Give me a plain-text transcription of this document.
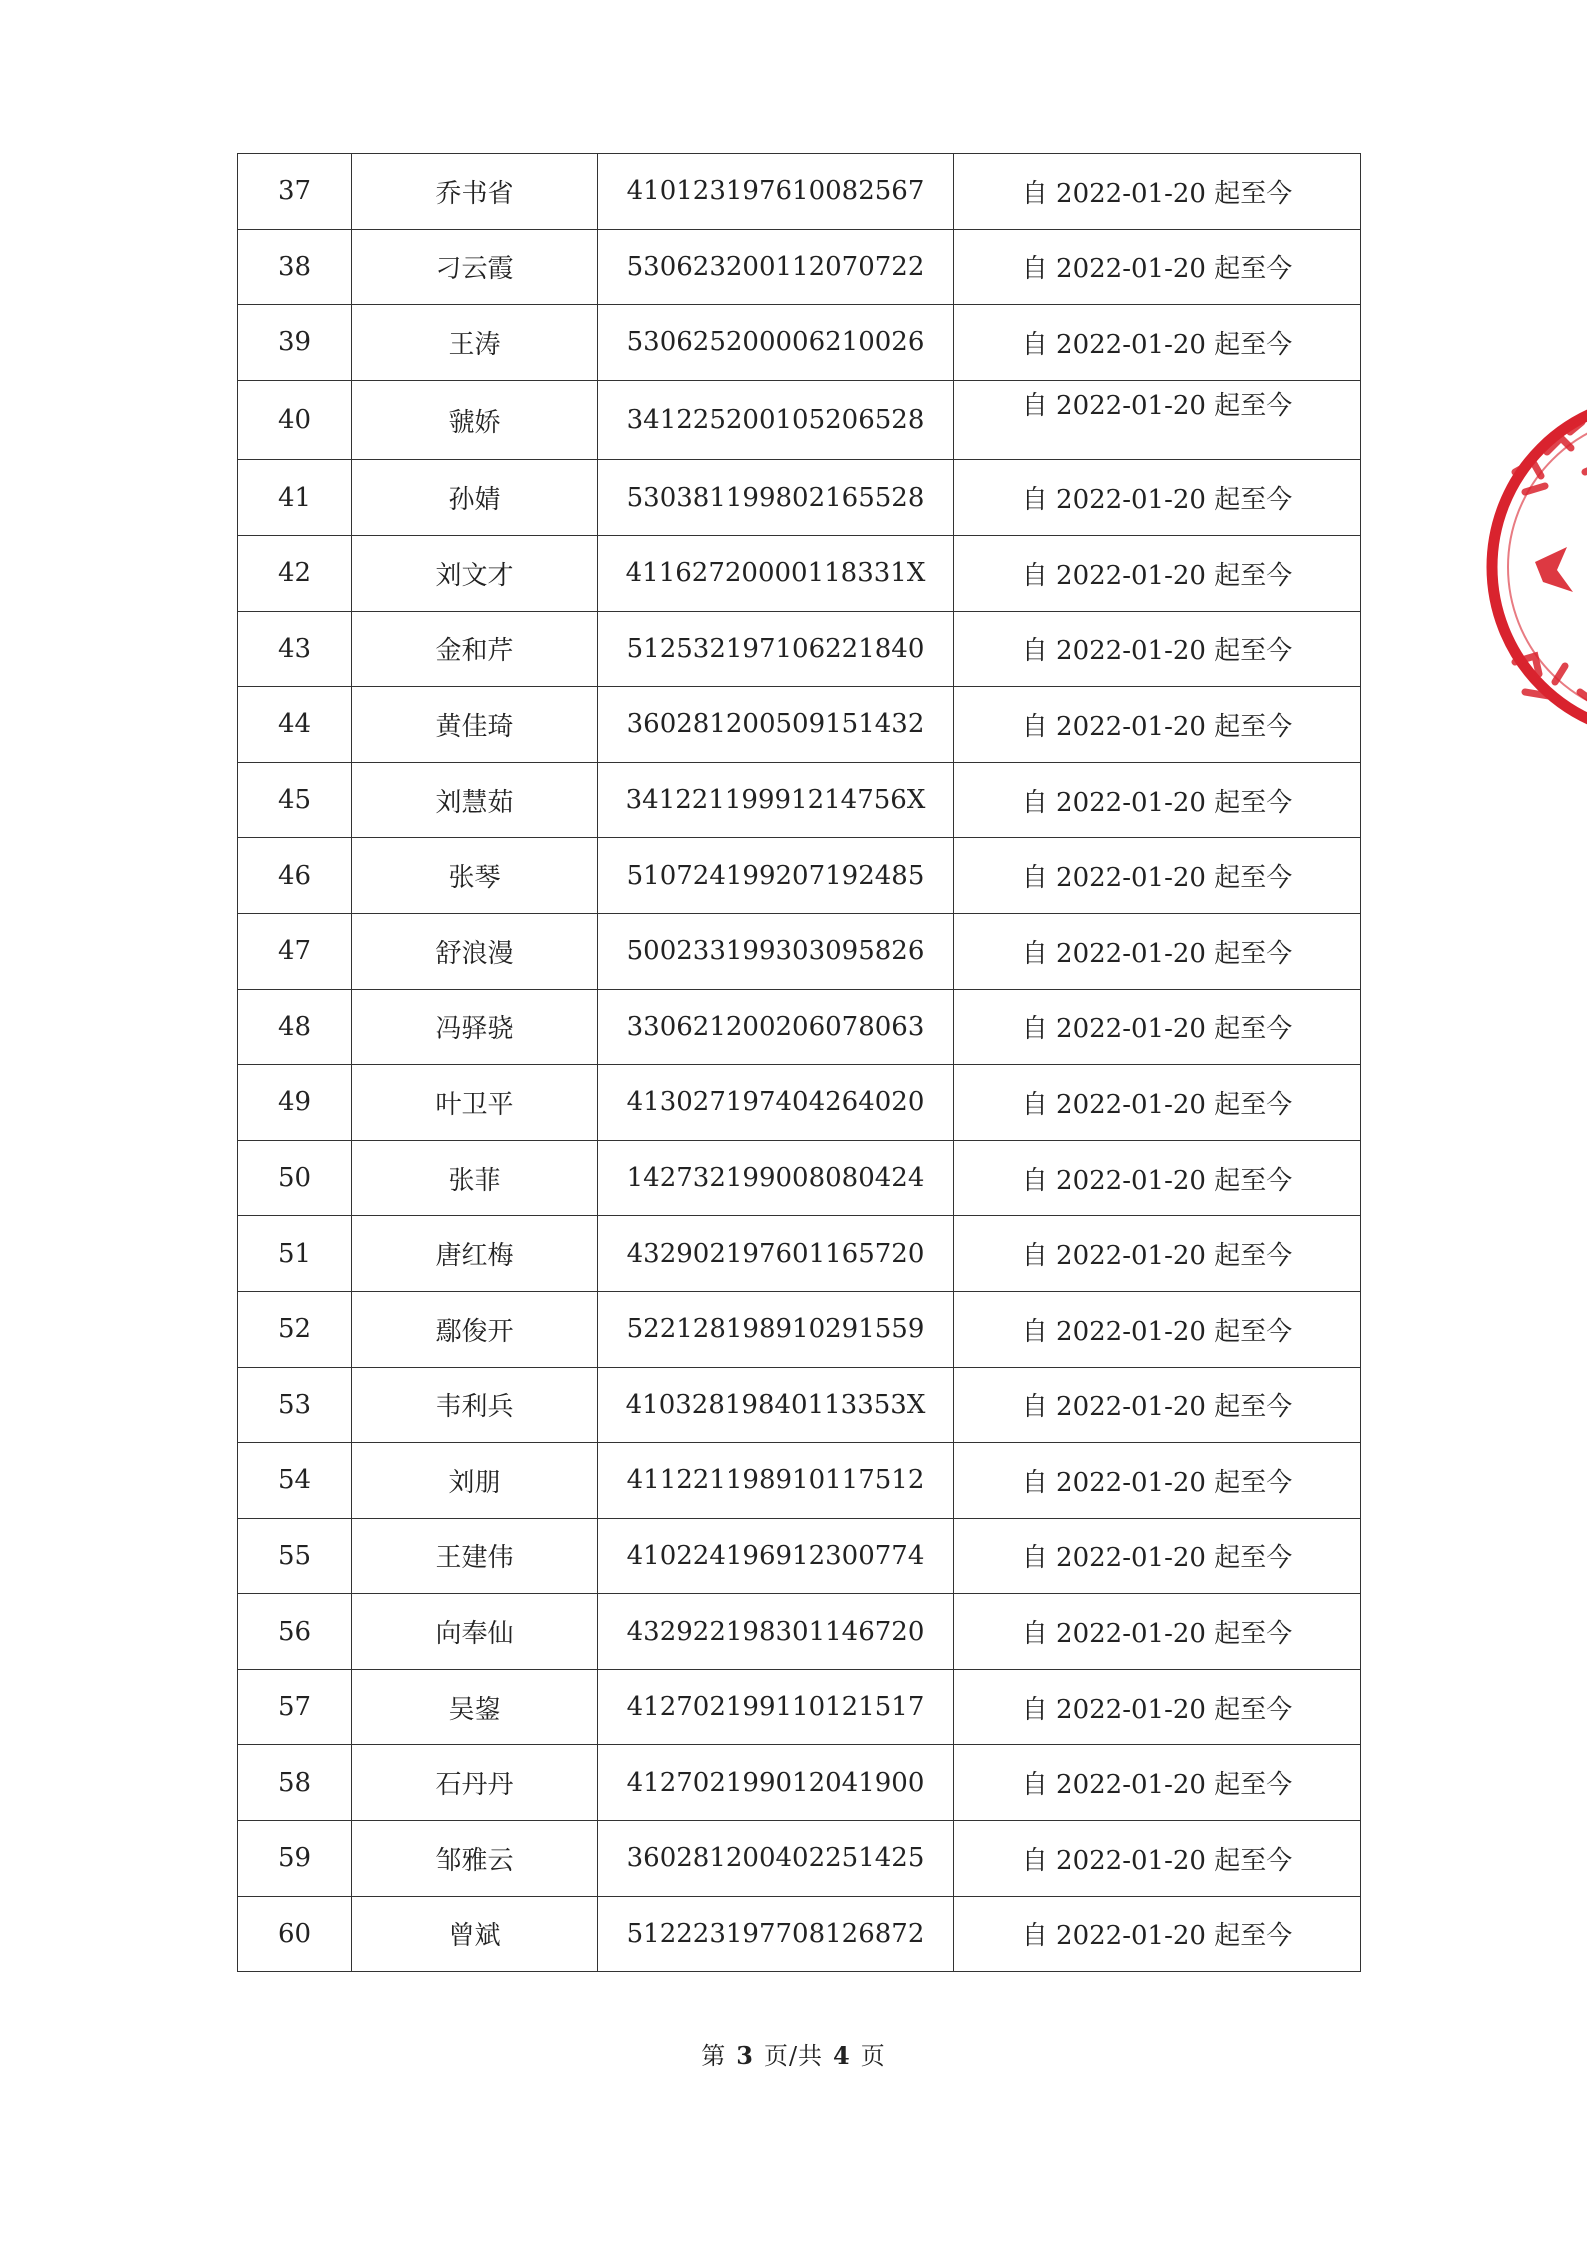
37	乔书省	410123197610082567	自 2022-01-20 起至今
38	刁云霞	530623200112070722	自 2022-01-20 起至今
39	王涛	530625200006210026	自 2022-01-20 起至今
40	虢娇	341225200105206528	自 2022-01-20 起至今
41	孙婧	530381199802165528	自 2022-01-20 起至今
42	刘文才	41162720000118331X	自 2022-01-20 起至今
43	金和芹	512532197106221840	自 2022-01-20 起至今
44	黄佳琦	360281200509151432	自 2022-01-20 起至今
45	刘慧茹	34122119991214756X	自 2022-01-20 起至今
46	张琴	510724199207192485	自 2022-01-20 起至今
47	舒浪漫	500233199303095826	自 2022-01-20 起至今
48	冯驿骁	330621200206078063	自 2022-01-20 起至今
49	叶卫平	413027197404264020	自 2022-01-20 起至今
50	张菲	142732199008080424	自 2022-01-20 起至今
51	唐红梅	432902197601165720	自 2022-01-20 起至今
52	鄢俊开	522128198910291559	自 2022-01-20 起至今
53	韦利兵	41032819840113353X	自 2022-01-20 起至今
54	刘朋	411221198910117512	自 2022-01-20 起至今
55	王建伟	410224196912300774	自 2022-01-20 起至今
56	向奉仙	432922198301146720	自 2022-01-20 起至今
57	吴鋆	412702199110121517	自 2022-01-20 起至今
58	石丹丹	412702199012041900	自 2022-01-20 起至今
59	邹雅云	360281200402251425	自 2022-01-20 起至今
60	曾斌	512223197708126872	自 2022-01-20 起至今
第 3 页/共 4 页
